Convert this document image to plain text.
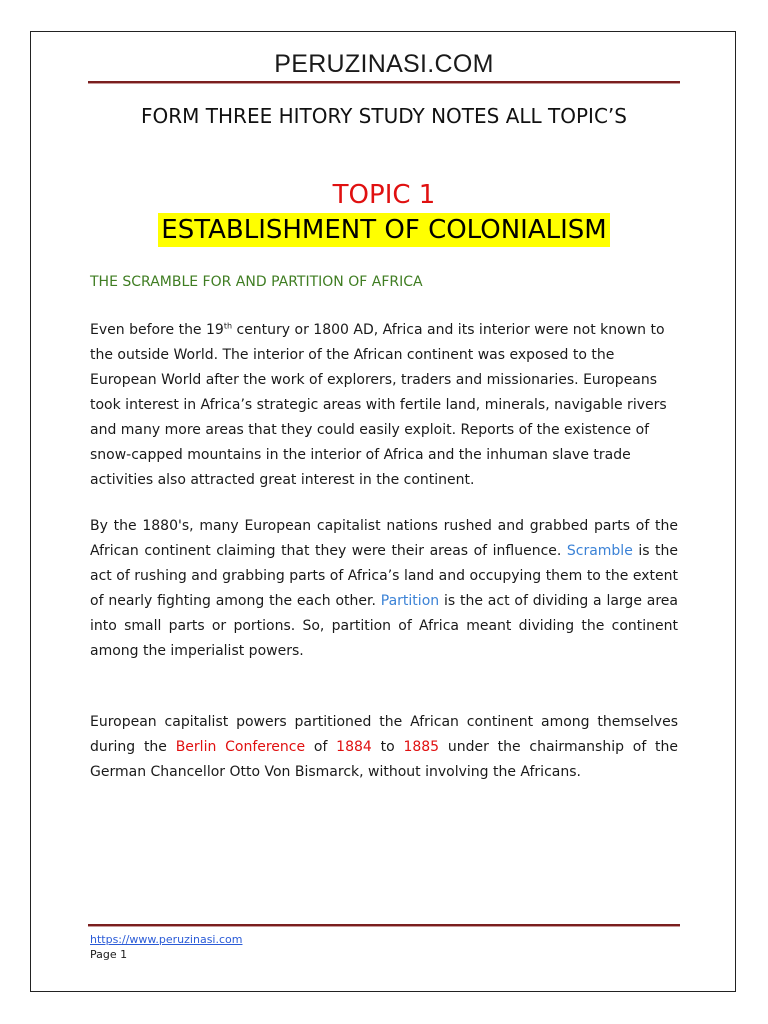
PERUZINASI.COM
FORM THREE HITORY STUDY NOTES ALL TOPIC’S
TOPIC 1
ESTABLISHMENT OF COLONIALISM
THE SCRAMBLE FOR AND PARTITION OF AFRICA
Even before the 19th century or 1800 AD, Africa and its interior were not known to the outside World. The interior of the African continent was exposed to the European World after the work of explorers, traders and missionaries. Europeans took interest in Africa’s strategic areas with fertile land, minerals, navigable rivers and many more areas that they could easily exploit. Reports of the existence of snow-capped mountains in the interior of Africa and the inhuman slave trade activities also attracted great interest in the continent.
By the 1880's, many European capitalist nations rushed and grabbed parts of the African continent claiming that they were their areas of influence. Scramble is the act of rushing and grabbing parts of Africa’s land and occupying them to the extent of nearly fighting among the each other. Partition is the act of dividing a large area into small parts or portions. So, partition of Africa meant dividing the continent among the imperialist powers.
European capitalist powers partitioned the African continent among themselves during the Berlin Conference of 1884 to 1885 under the chairmanship of the German Chancellor Otto Von Bismarck, without involving the Africans.
https://www.peruzinasi.com
Page 1
